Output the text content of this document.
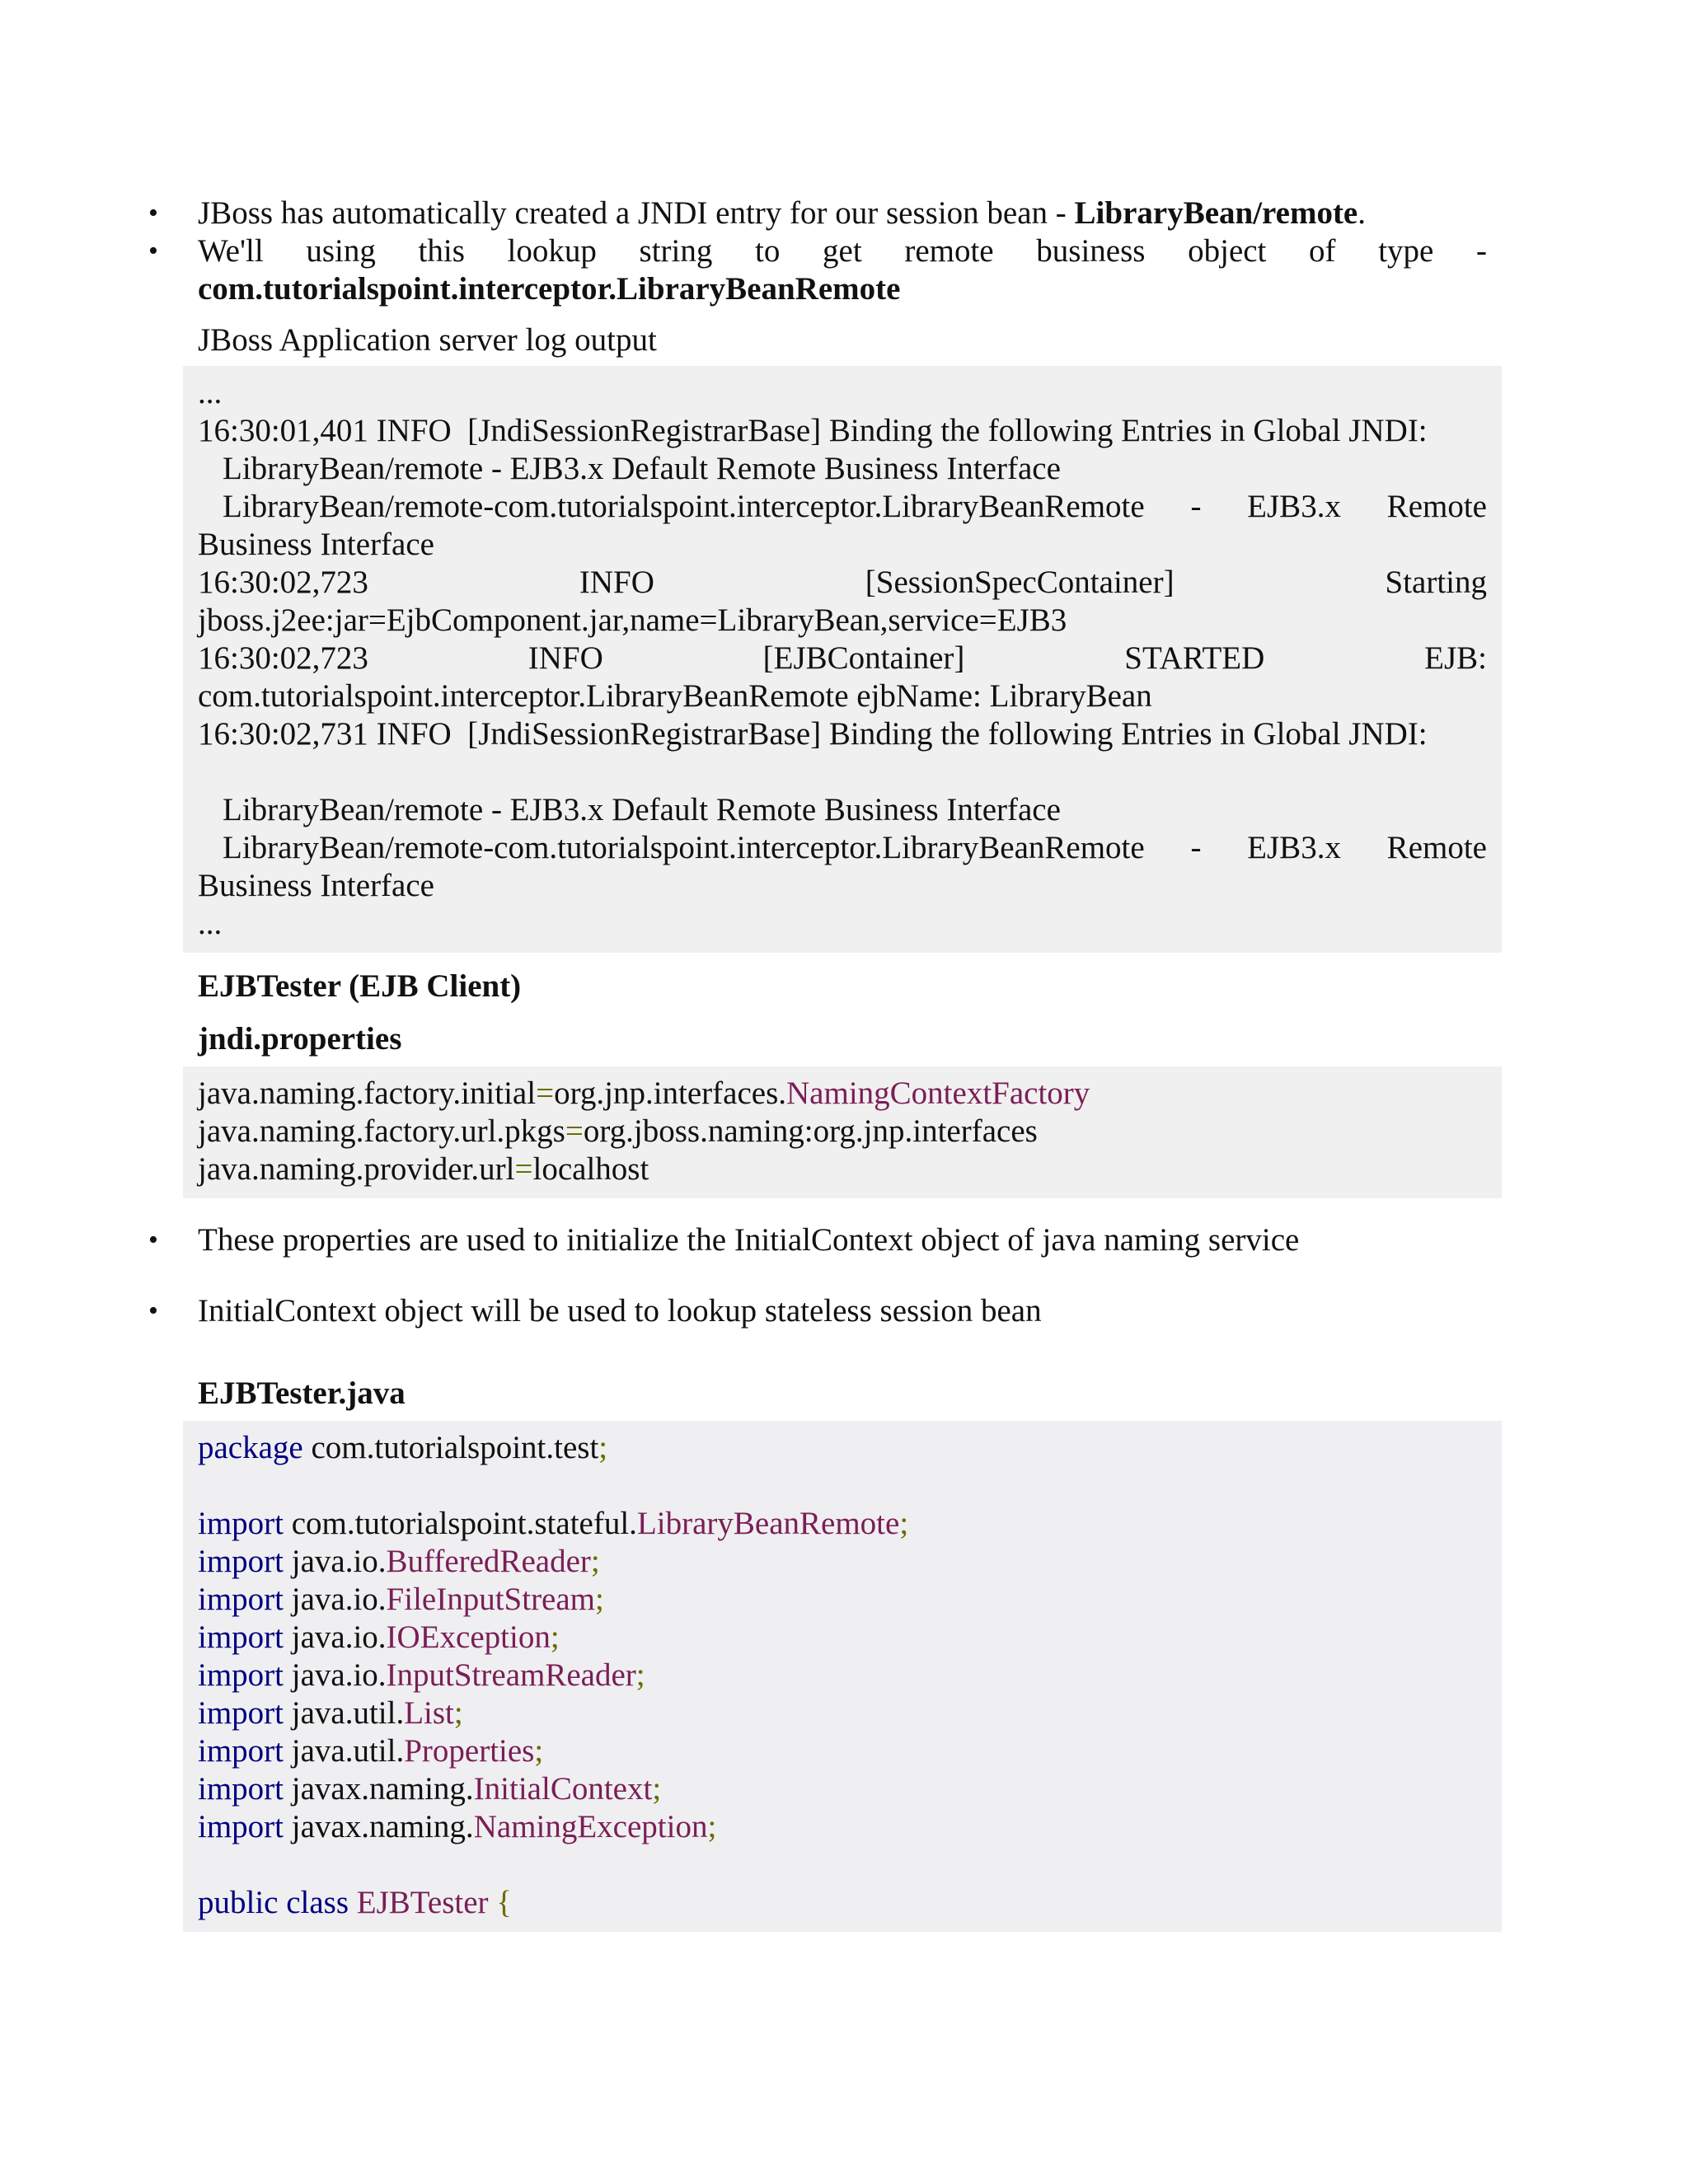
• JBoss has automatically created a JNDI entry for our session bean - LibraryBean/remote.
• We'll using this lookup string to get remote business object of type -
com.tutorialspoint.interceptor.LibraryBeanRemote
JBoss Application server log output
...
16:30:01,401 INFO  [JndiSessionRegistrarBase] Binding the following Entries in Global JNDI:
LibraryBean/remote - EJB3.x Default Remote Business Interface
LibraryBean/remote-com.tutorialspoint.interceptor.LibraryBeanRemote - EJB3.x Remote
Business Interface
16:30:02,723 INFO [SessionSpecContainer] Starting
jboss.j2ee:jar=EjbComponent.jar,name=LibraryBean,service=EJB3
16:30:02,723 INFO [EJBContainer] STARTED EJB:
com.tutorialspoint.interceptor.LibraryBeanRemote ejbName: LibraryBean
16:30:02,731 INFO  [JndiSessionRegistrarBase] Binding the following Entries in Global JNDI:
LibraryBean/remote - EJB3.x Default Remote Business Interface
LibraryBean/remote-com.tutorialspoint.interceptor.LibraryBeanRemote - EJB3.x Remote
Business Interface
...
EJBTester (EJB Client)
jndi.properties
java.naming.factory.initial=org.jnp.interfaces.NamingContextFactory
java.naming.factory.url.pkgs=org.jboss.naming:org.jnp.interfaces
java.naming.provider.url=localhost
• These properties are used to initialize the InitialContext object of java naming service
• InitialContext object will be used to lookup stateless session bean
EJBTester.java
package com.tutorialspoint.test;
import com.tutorialspoint.stateful.LibraryBeanRemote;
import java.io.BufferedReader;
import java.io.FileInputStream;
import java.io.IOException;
import java.io.InputStreamReader;
import java.util.List;
import java.util.Properties;
import javax.naming.InitialContext;
import javax.naming.NamingException;
public class EJBTester {
